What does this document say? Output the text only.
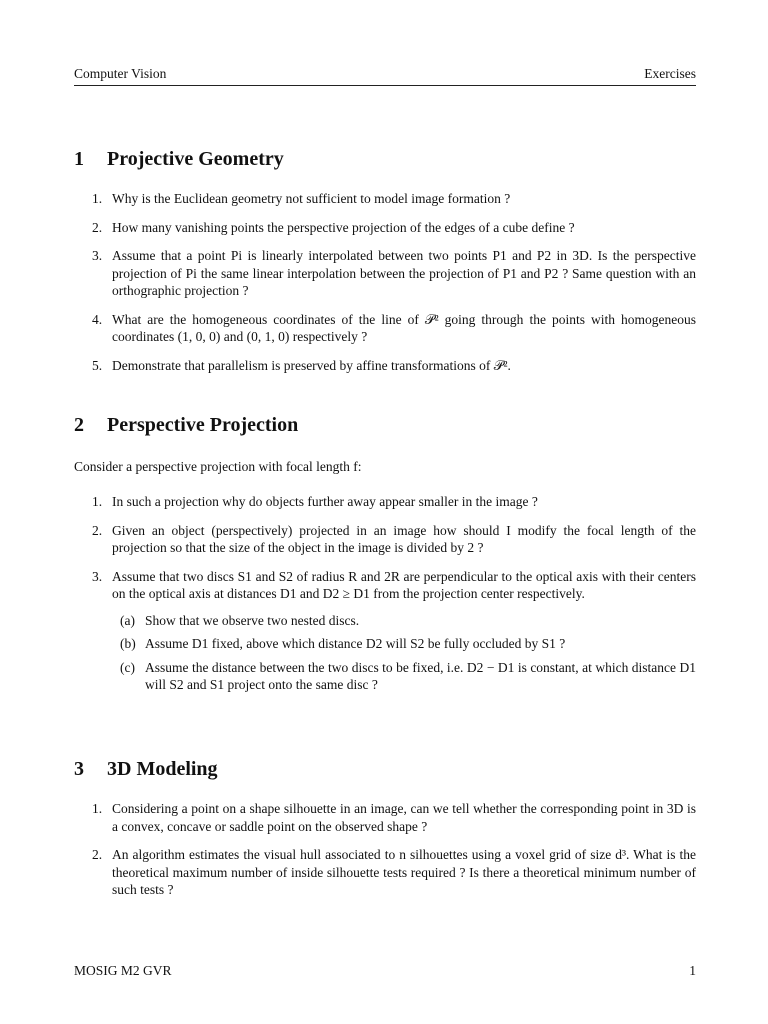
Computer Vision	Exercises
1 Projective Geometry
1. Why is the Euclidean geometry not sufficient to model image formation ?
2. How many vanishing points the perspective projection of the edges of a cube define ?
3. Assume that a point Pi is linearly interpolated between two points P1 and P2 in 3D. Is the perspective projection of Pi the same linear interpolation between the projection of P1 and P2 ? Same question with an orthographic projection ?
4. What are the homogeneous coordinates of the line of 𝒫² going through the points with homogeneous coordinates (1, 0, 0) and (0, 1, 0) respectively ?
5. Demonstrate that parallelism is preserved by affine transformations of 𝒫².
2 Perspective Projection

Consider a perspective projection with focal length f:

1. In such a projection why do objects further away appear smaller in the image ?
2. Given an object (perspectively) projected in an image how should I modify the focal length of the projection so that the size of the object in the image is divided by 2 ?
3. Assume that two discs S1 and S2 of radius R and 2R are perpendicular to the optical axis with their centers on the optical axis at distances D1 and D2 ≥ D1 from the projection center respectively.
(a) Show that we observe two nested discs.
(b) Assume D1 fixed, above which distance D2 will S2 be fully occluded by S1 ?
(c) Assume the distance between the two discs to be fixed, i.e. D2 − D1 is constant, at which distance D1 will S2 and S1 project onto the same disc ?
3 3D Modeling
1. Considering a point on a shape silhouette in an image, can we tell whether the corresponding point in 3D is a convex, concave or saddle point on the observed shape ?
2. An algorithm estimates the visual hull associated to n silhouettes using a voxel grid of size d³. What is the theoretical maximum number of inside silhouette tests required ? Is there a theoretical minimum number of such tests ?
MOSIG M2 GVR	1
